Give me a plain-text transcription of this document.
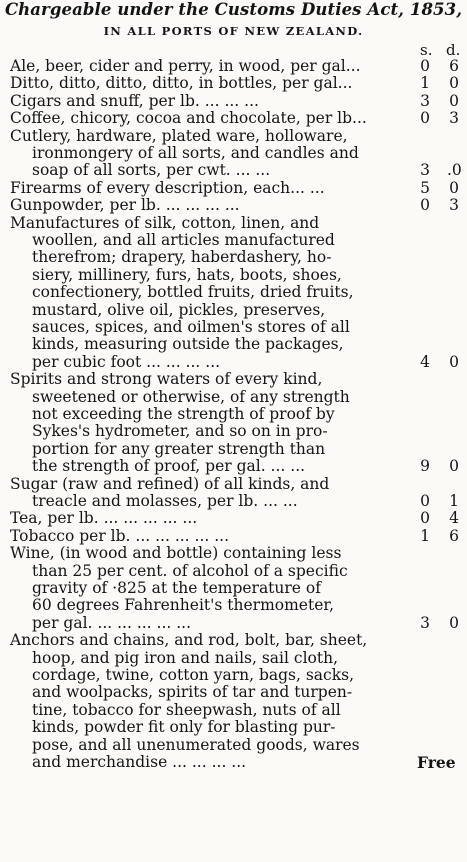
Chargeable under the Customs Duties Act, 1853,
IN ALL PORTS OF NEW ZEALAND.
s. d.
Ale, beer, cider and perry, in wood, per gal...	0 6
Ditto, ditto, ditto, ditto, in bottles, per gal...	1 0
Cigars and snuff, per lb. ... ... ...	3 0
Coffee, chicory, cocoa and chocolate, per lb...	0 3
Cutlery, hardware, plated ware, holloware,
ironmongery of all sorts, and candles and
soap of all sorts, per cwt. ... ...	3 .0
Firearms of every description, each... ...	5 0
Gunpowder, per lb. ... ... ... ...	0 3
Manufactures of silk, cotton, linen, and
woollen, and all articles manufactured
therefrom; drapery, haberdashery, ho-
siery, millinery, furs, hats, boots, shoes,
confectionery, bottled fruits, dried fruits,
mustard, olive oil, pickles, preserves,
sauces, spices, and oilmen's stores of all
kinds, measuring outside the packages,
per cubic foot ... ... ... ...	4 0
Spirits and strong waters of every kind,
sweetened or otherwise, of any strength
not exceeding the strength of proof by
Sykes's hydrometer, and so on in pro-
portion for any greater strength than
the strength of proof, per gal. ... ...	9 0
Sugar (raw and refined) of all kinds, and
treacle and molasses, per lb. ... ...	0 1
Tea, per lb. ... ... ... ... ...	0 4
Tobacco per lb. ... ... ... ... ...	1 6
Wine, (in wood and bottle) containing less
than 25 per cent. of alcohol of a specific
gravity of ·825 at the temperature of
60 degrees Fahrenheit's thermometer,
per gal. ... ... ... ... ...	3 0
Anchors and chains, and rod, bolt, bar, sheet,
hoop, and pig iron and nails, sail cloth,
cordage, twine, cotton yarn, bags, sacks,
and woolpacks, spirits of tar and turpen-
tine, tobacco for sheepwash, nuts of all
kinds, powder fit only for blasting pur-
pose, and all unenumerated goods, wares
and merchandise ... ... ... ...	Free
